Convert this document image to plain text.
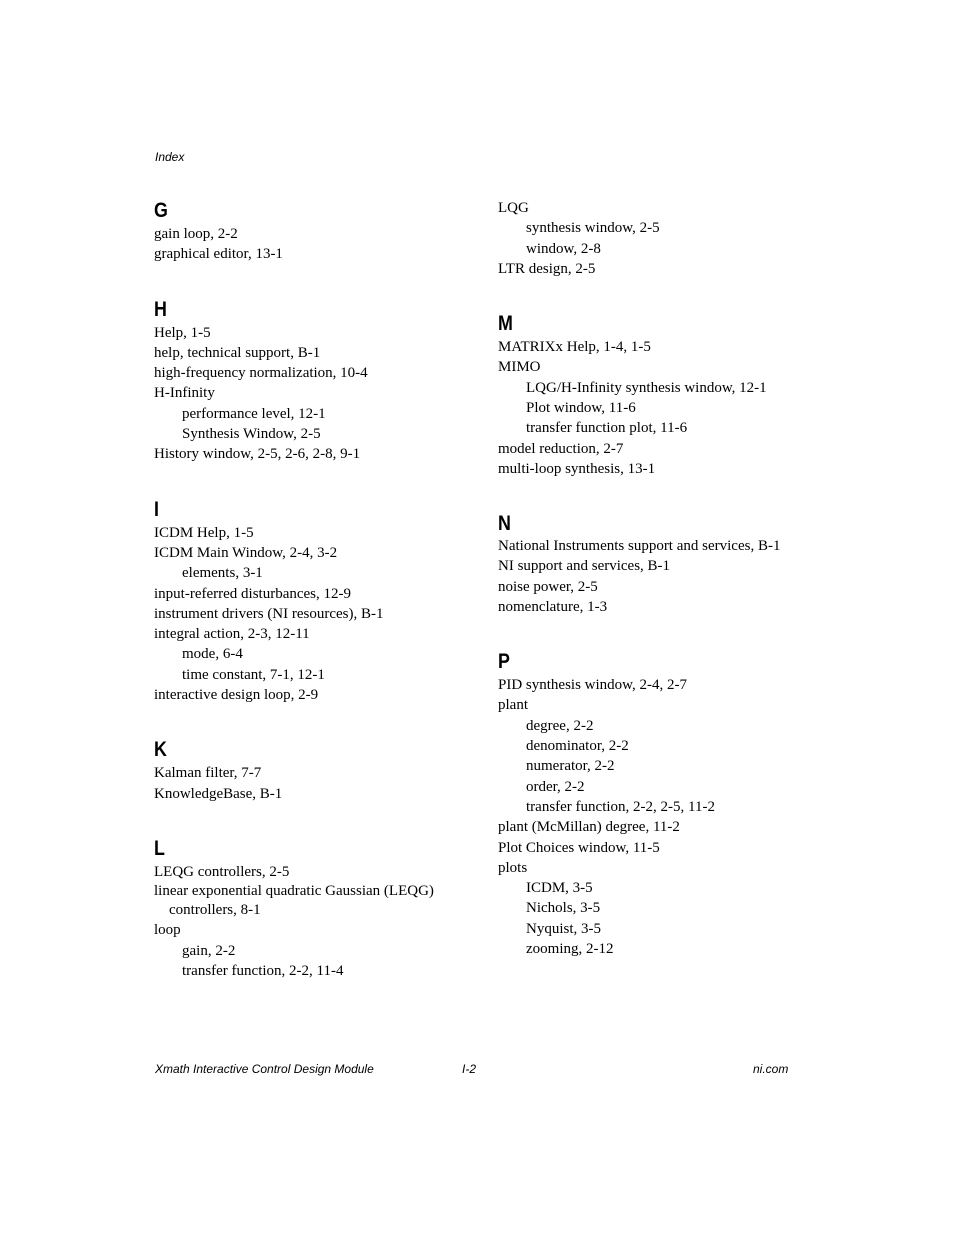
Index
G
gain loop, 2-2
graphical editor, 13-1
H
Help, 1-5
help, technical support, B-1
high-frequency normalization, 10-4
H-Infinity
performance level, 12-1
Synthesis Window, 2-5
History window, 2-5, 2-6, 2-8, 9-1
I
ICDM Help, 1-5
ICDM Main Window, 2-4, 3-2
elements, 3-1
input-referred disturbances, 12-9
instrument drivers (NI resources), B-1
integral action, 2-3, 12-11
mode, 6-4
time constant, 7-1, 12-1
interactive design loop, 2-9
K
Kalman filter, 7-7
KnowledgeBase, B-1
L
LEQG controllers, 2-5
linear exponential quadratic Gaussian (LEQG) controllers, 8-1
loop
gain, 2-2
transfer function, 2-2, 11-4
LQG
synthesis window, 2-5
window, 2-8
LTR design, 2-5
M
MATRIXx Help, 1-4, 1-5
MIMO
LQG/H-Infinity synthesis window, 12-1
Plot window, 11-6
transfer function plot, 11-6
model reduction, 2-7
multi-loop synthesis, 13-1
N
National Instruments support and services, B-1
NI support and services, B-1
noise power, 2-5
nomenclature, 1-3
P
PID synthesis window, 2-4, 2-7
plant
degree, 2-2
denominator, 2-2
numerator, 2-2
order, 2-2
transfer function, 2-2, 2-5, 11-2
plant (McMillan) degree, 11-2
Plot Choices window, 11-5
plots
ICDM, 3-5
Nichols, 3-5
Nyquist, 3-5
zooming, 2-12
Xmath Interactive Control Design Module	I-2	ni.com
